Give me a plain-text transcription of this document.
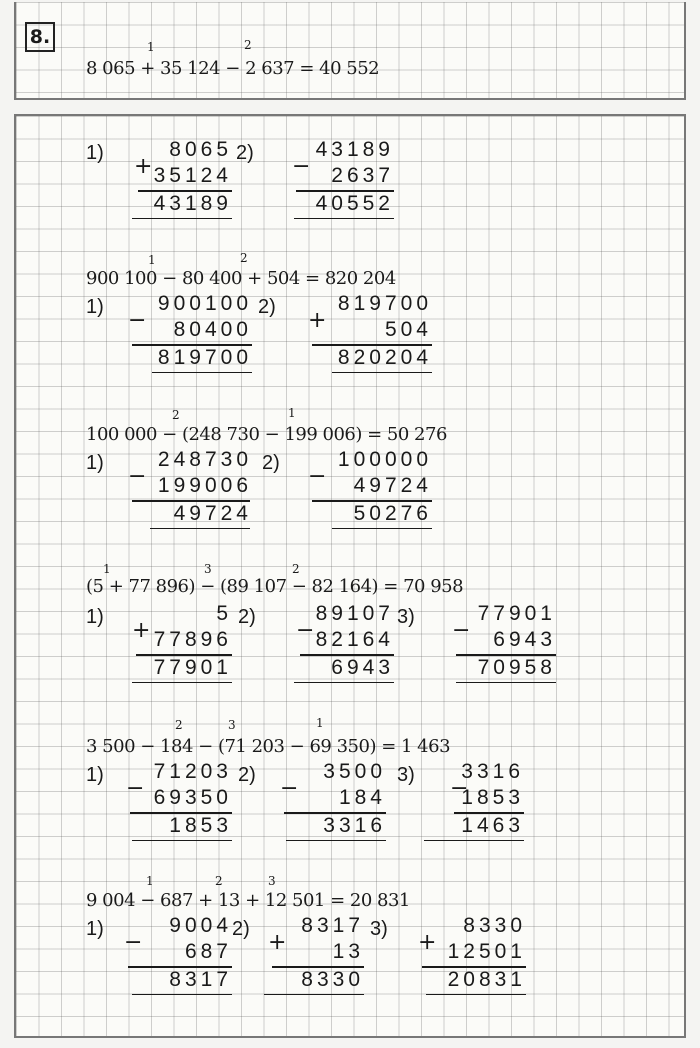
8.
8 065 + 35 124 − 2 637 = 40 552
1	2
900 100 − 80 400 + 504 = 820 204
1	2
100 000 − (248 730 − 199 006) = 50 276
2	1
(5 + 77 896) − (89 107 − 82 164) = 70 958
1	3	2
3 500 − 184 − (71 203 − 69 350) = 1 463
2	3	1
9 004 − 687 + 13 + 12 501 = 20 831
1	2	3
1)	8065
35124
43189
+
2)	43189
2637
40552
−
1)	900100
80400
819700
−
2)	819700
504
820204
+
1)	248730
199006
49724
−
2)	100000
49724
50276
−
1)	5
77896
77901
+
2)	89107
82164
6943
−
3)	77901
6943
70958
−
1) 71203
69350
1853
−
2)	3500
184
3316
−
3) 3316
1853
1463
−
1)	9004
687
8317
−
2) 8317
13
8330
+
3)	8330
12501
20831
+
